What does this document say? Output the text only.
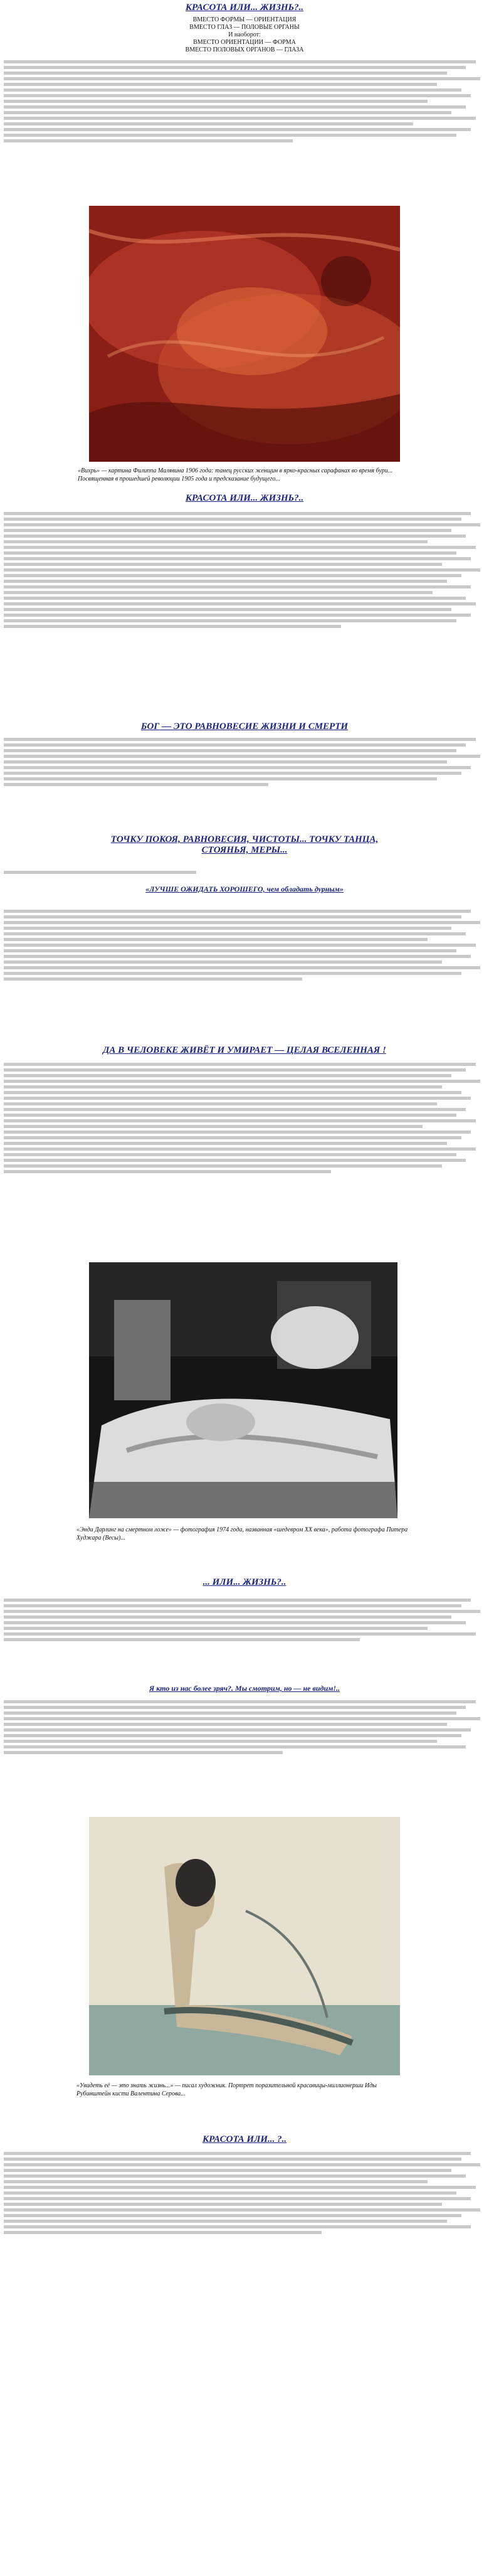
КРАСОТА ИЛИ... ЖИЗНЬ?..
ВМЕСТО ФОРМЫ — ОРИЕНТАЦИЯ
ВМЕСТО ГЛАЗ — ПОЛОВЫЕ ОРГАНЫ
И наоборот:
ВМЕСТО ОРИЕНТАЦИИ — ФОРМА
ВМЕСТО ПОЛОВЫХ ОРГАНОВ — ГЛАЗА
«Вихрь» — картина Филиппа Малявина 1906 года: танец русских женщин в ярко-красных сарафанах во время бури... Посвященная в прошедшей революции 1905 года и предсказание будущего...
КРАСОТА ИЛИ... ЖИЗНЬ?..
БОГ — ЭТО РАВНОВЕСИЕ ЖИЗНИ И СМЕРТИ
ТОЧКУ ПОКОЯ, РАВНОВЕСИЯ, ЧИСТОТЫ... ТОЧКУ ТАНЦА, СТОЯНЬЯ, МЕРЫ...
«ЛУЧШЕ ОЖИДАТЬ ХОРОШЕГО, чем обладать дурным»
ДА В ЧЕЛОВЕКЕ ЖИВЁТ И УМИРАЕТ — ЦЕЛАЯ ВСЕЛЕННАЯ !
«Энди Дарлинг на смертном ложе» — фотография 1974 года, названная «шедевром XX века», работа фотографа Питера Худжара (Весы)...
... ИЛИ... ЖИЗНЬ?..
Я кто из нас более зряч?. Мы смотрим, но — не видим!..
«Увидеть её — это знать жизнь...» — писал художник. Портрет поразительной красавицы-миллионерши Иды Рубинштейн кисти Валентина Серова...
КРАСОТА ИЛИ... ?..
